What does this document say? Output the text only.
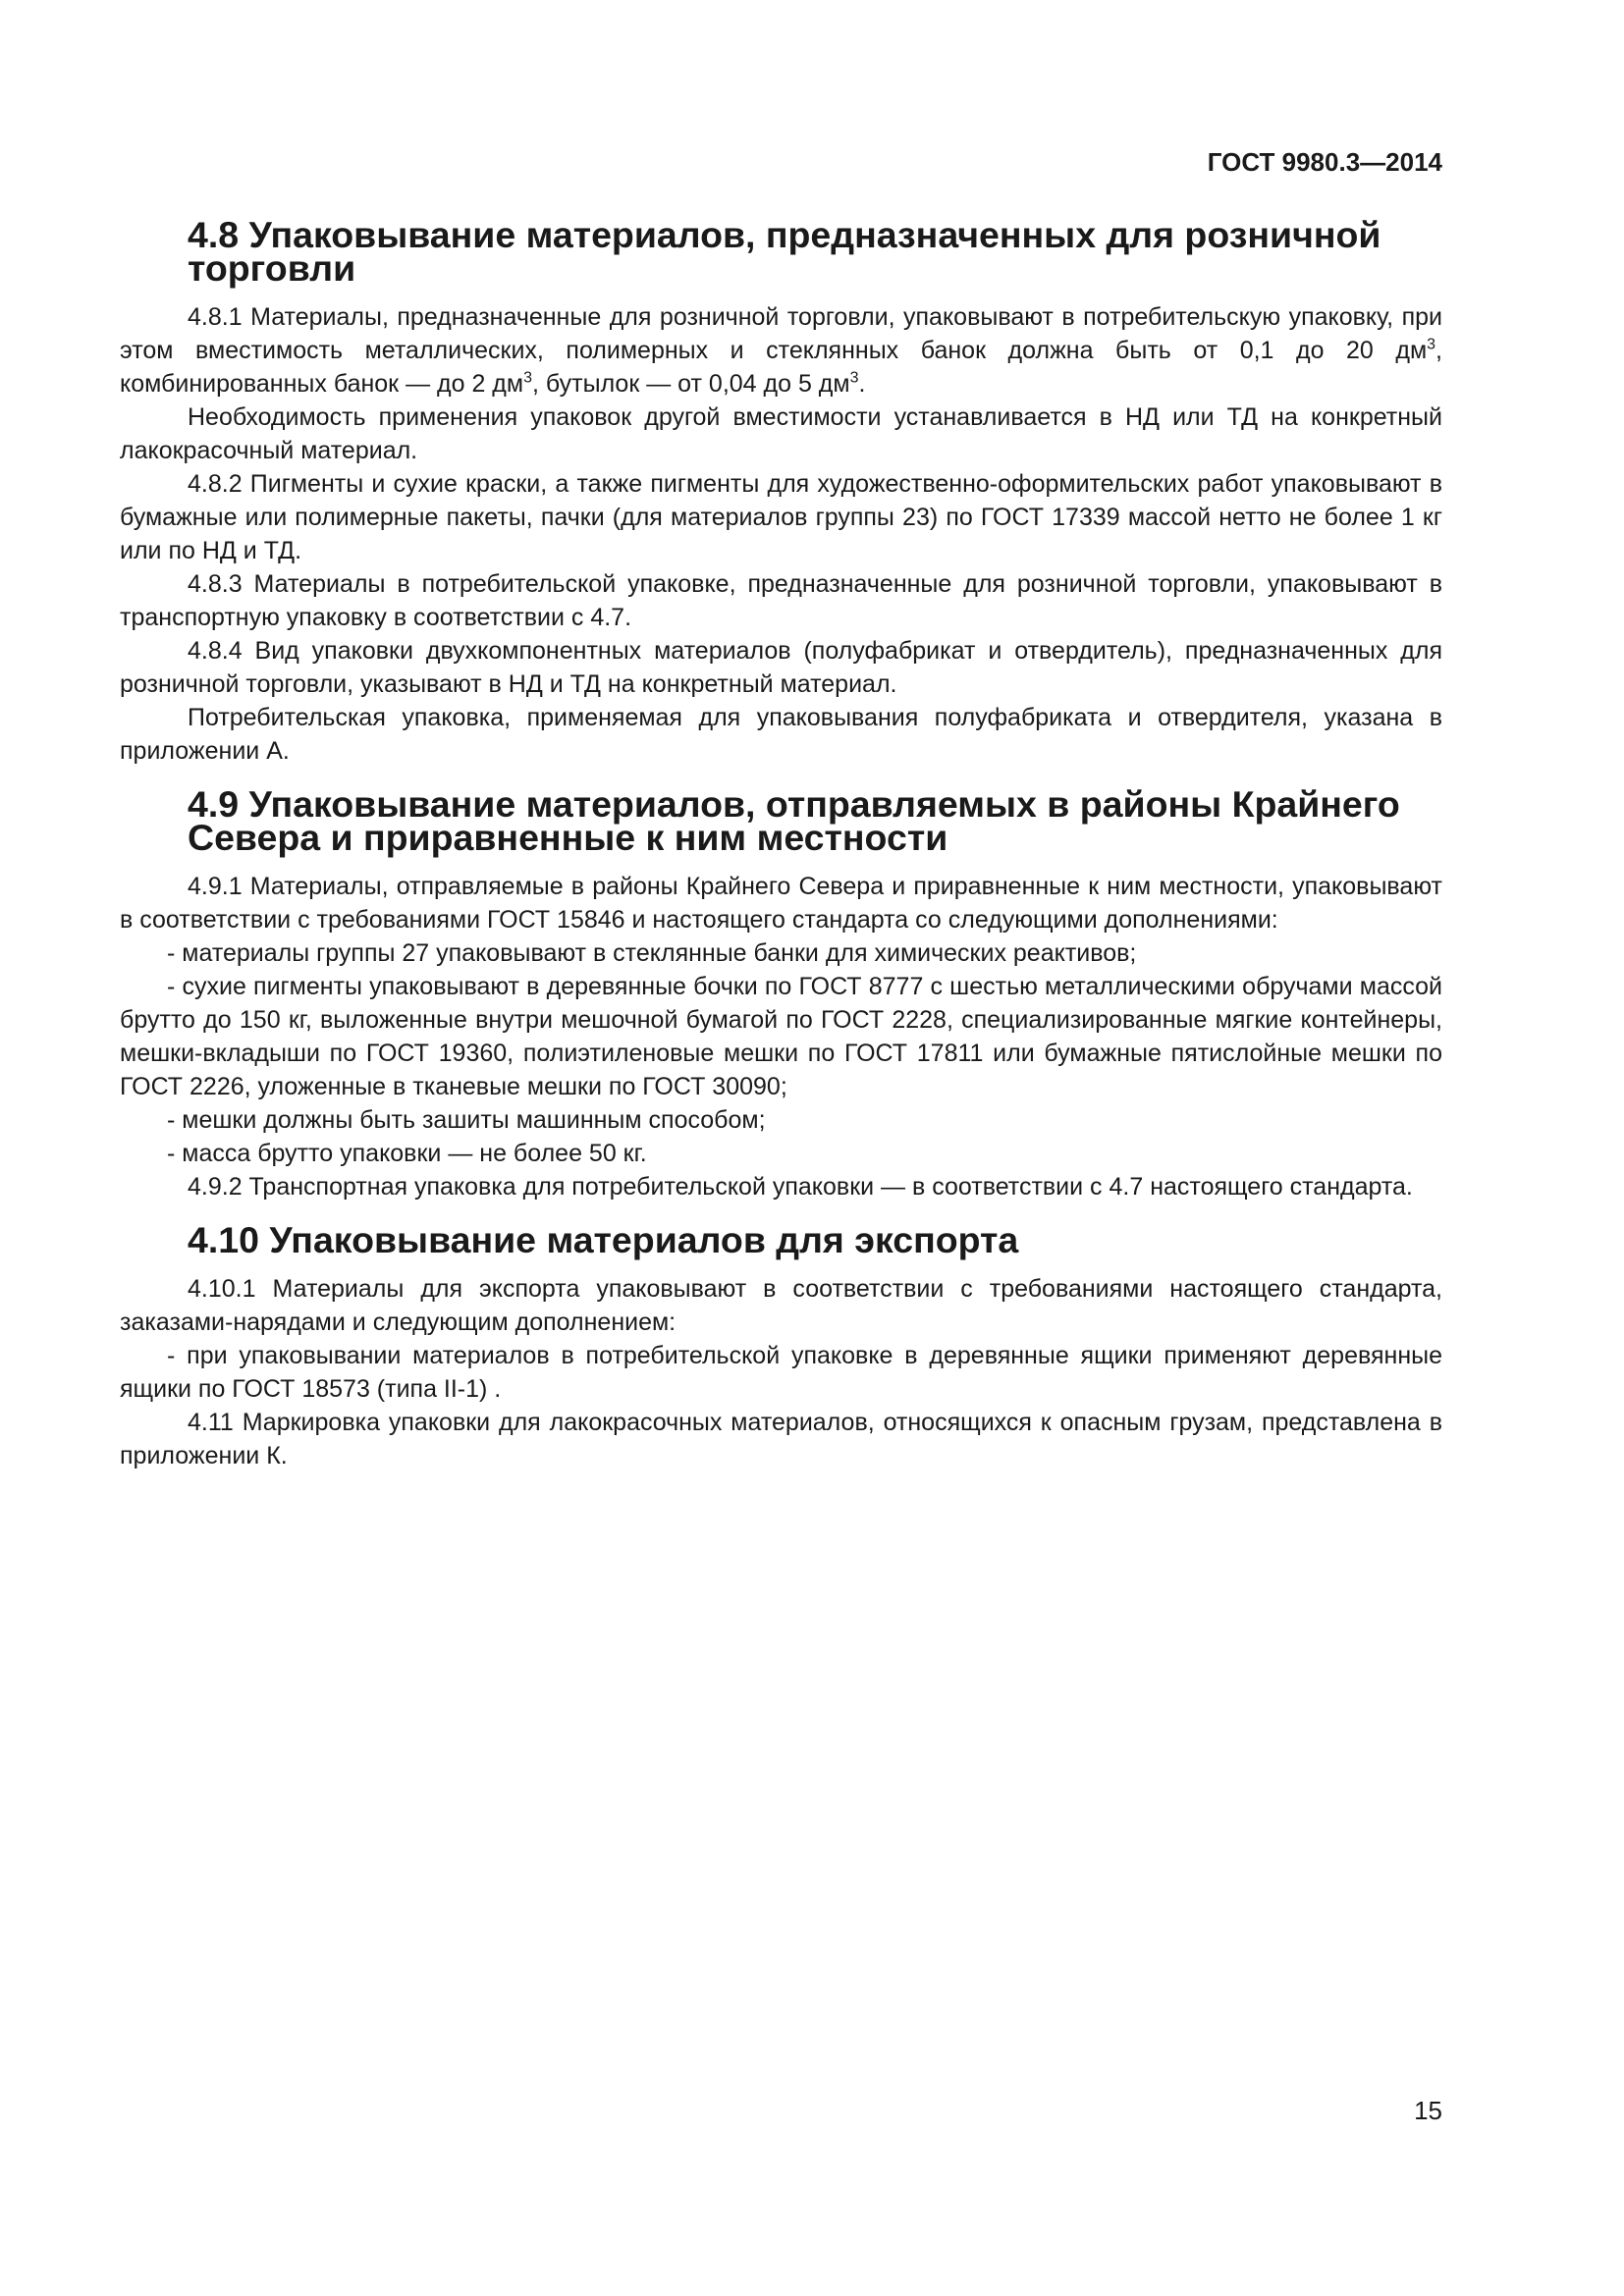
ГОСТ 9980.3—2014
4.8 Упаковывание материалов, предназначенных для розничной торговли

4.8.1 Материалы, предназначенные для розничной торговли, упаковывают в потребительскую упаковку, при этом вместимость металлических, полимерных и стеклянных банок должна быть от 0,1 до 20 $дм^3$, комбинированных банок — до 2 $дм^3$, бутылок — от 0,04 до 5 $дм^3$.

Необходимость применения упаковок другой вместимости устанавливается в НД или ТД на конкретный лакокрасочный материал.

4.8.2 Пигменты и сухие краски, а также пигменты для художественно-оформительских работ упаковывают в бумажные или полимерные пакеты, пачки (для материалов группы 23) по ГОСТ 17339 массой нетто не более 1 кг или по НД и ТД.

4.8.3 Материалы в потребительской упаковке, предназначенные для розничной торговли, упаковывают в транспортную упаковку в соответствии с 4.7.

4.8.4 Вид упаковки двухкомпонентных материалов (полуфабрикат и отвердитель), предназначенных для розничной торговли, указывают в НД и ТД на конкретный материал.

Потребительская упаковка, применяемая для упаковывания полуфабриката и отвердителя, указана в приложении А.

4.9 Упаковывание материалов, отправляемых в районы Крайнего Севера и приравненные к ним местности

4.9.1 Материалы, отправляемые в районы Крайнего Севера и приравненные к ним местности, упаковывают в соответствии с требованиями ГОСТ 15846 и настоящего стандарта со следующими дополнениями:

- материалы группы 27 упаковывают в стеклянные банки для химических реактивов;

- сухие пигменты упаковывают в деревянные бочки по ГОСТ 8777 с шестью металлическими обручами массой брутто до 150 кг, выложенные внутри мешочной бумагой по ГОСТ 2228, специализированные мягкие контейнеры, мешки-вкладыши по ГОСТ 19360, полиэтиленовые мешки по ГОСТ 17811 или бумажные пятислойные мешки по ГОСТ 2226, уложенные в тканевые мешки по ГОСТ 30090;

- мешки должны быть зашиты машинным способом;

- масса брутто упаковки — не более 50 кг.

4.9.2 Транспортная упаковка для потребительской упаковки — в соответствии с 4.7 настоящего стандарта.

4.10 Упаковывание материалов для экспорта

4.10.1 Материалы для экспорта упаковывают в соответствии с требованиями настоящего стандарта, заказами-нарядами и следующим дополнением:

- при упаковывании материалов в потребительской упаковке в деревянные ящики применяют деревянные ящики по ГОСТ 18573 (типа II-1) .

4.11 Маркировка упаковки для лакокрасочных материалов, относящихся к опасным грузам, представлена в приложении К.

15
